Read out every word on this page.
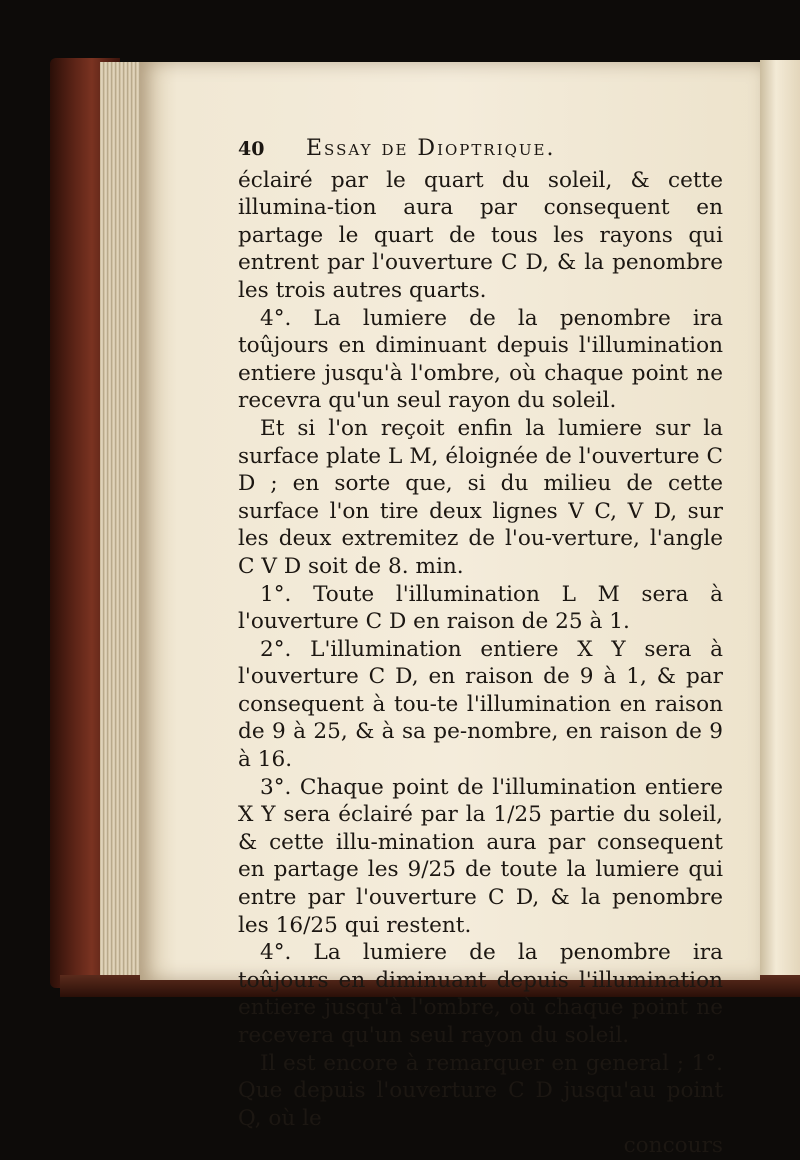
40	Essay de Dioptrique.

éclairé par le quart du soleil, & cette illumina-tion aura par consequent en partage le quart de tous les rayons qui entrent par l'ouverture C D, & la penombre les trois autres quarts.

4°. La lumiere de la penombre ira toûjours en diminuant depuis l'illumination entiere jusqu'à l'ombre, où chaque point ne recevra qu'un seul rayon du soleil.

Et si l'on reçoit enfin la lumiere sur la surface plate L M, éloignée de l'ouverture C D ; en sorte que, si du milieu de cette surface l'on tire deux lignes V C, V D, sur les deux extremitez de l'ou-verture, l'angle C V D soit de 8. min.

1°. Toute l'illumination L M sera à l'ouverture C D en raison de 25 à 1.

2°. L'illumination entiere X Y sera à l'ouverture C D, en raison de 9 à 1, & par consequent à tou-te l'illumination en raison de 9 à 25, & à sa pe-nombre, en raison de 9 à 16.

3°. Chaque point de l'illumination entiere X Y sera éclairé par la 1/25 partie du soleil, & cette illu-mination aura par consequent en partage les 9/25 de toute la lumiere qui entre par l'ouverture C D, & la penombre les 16/25 qui restent.

4°. La lumiere de la penombre ira toûjours en diminuant depuis l'illumination entiere jusqu'à l'ombre, où chaque point ne recevera qu'un seul rayon du soleil.

Il est encore à remarquer en general ; 1°. Que depuis l'ouverture C D jusqu'au point Q, où le

concours
